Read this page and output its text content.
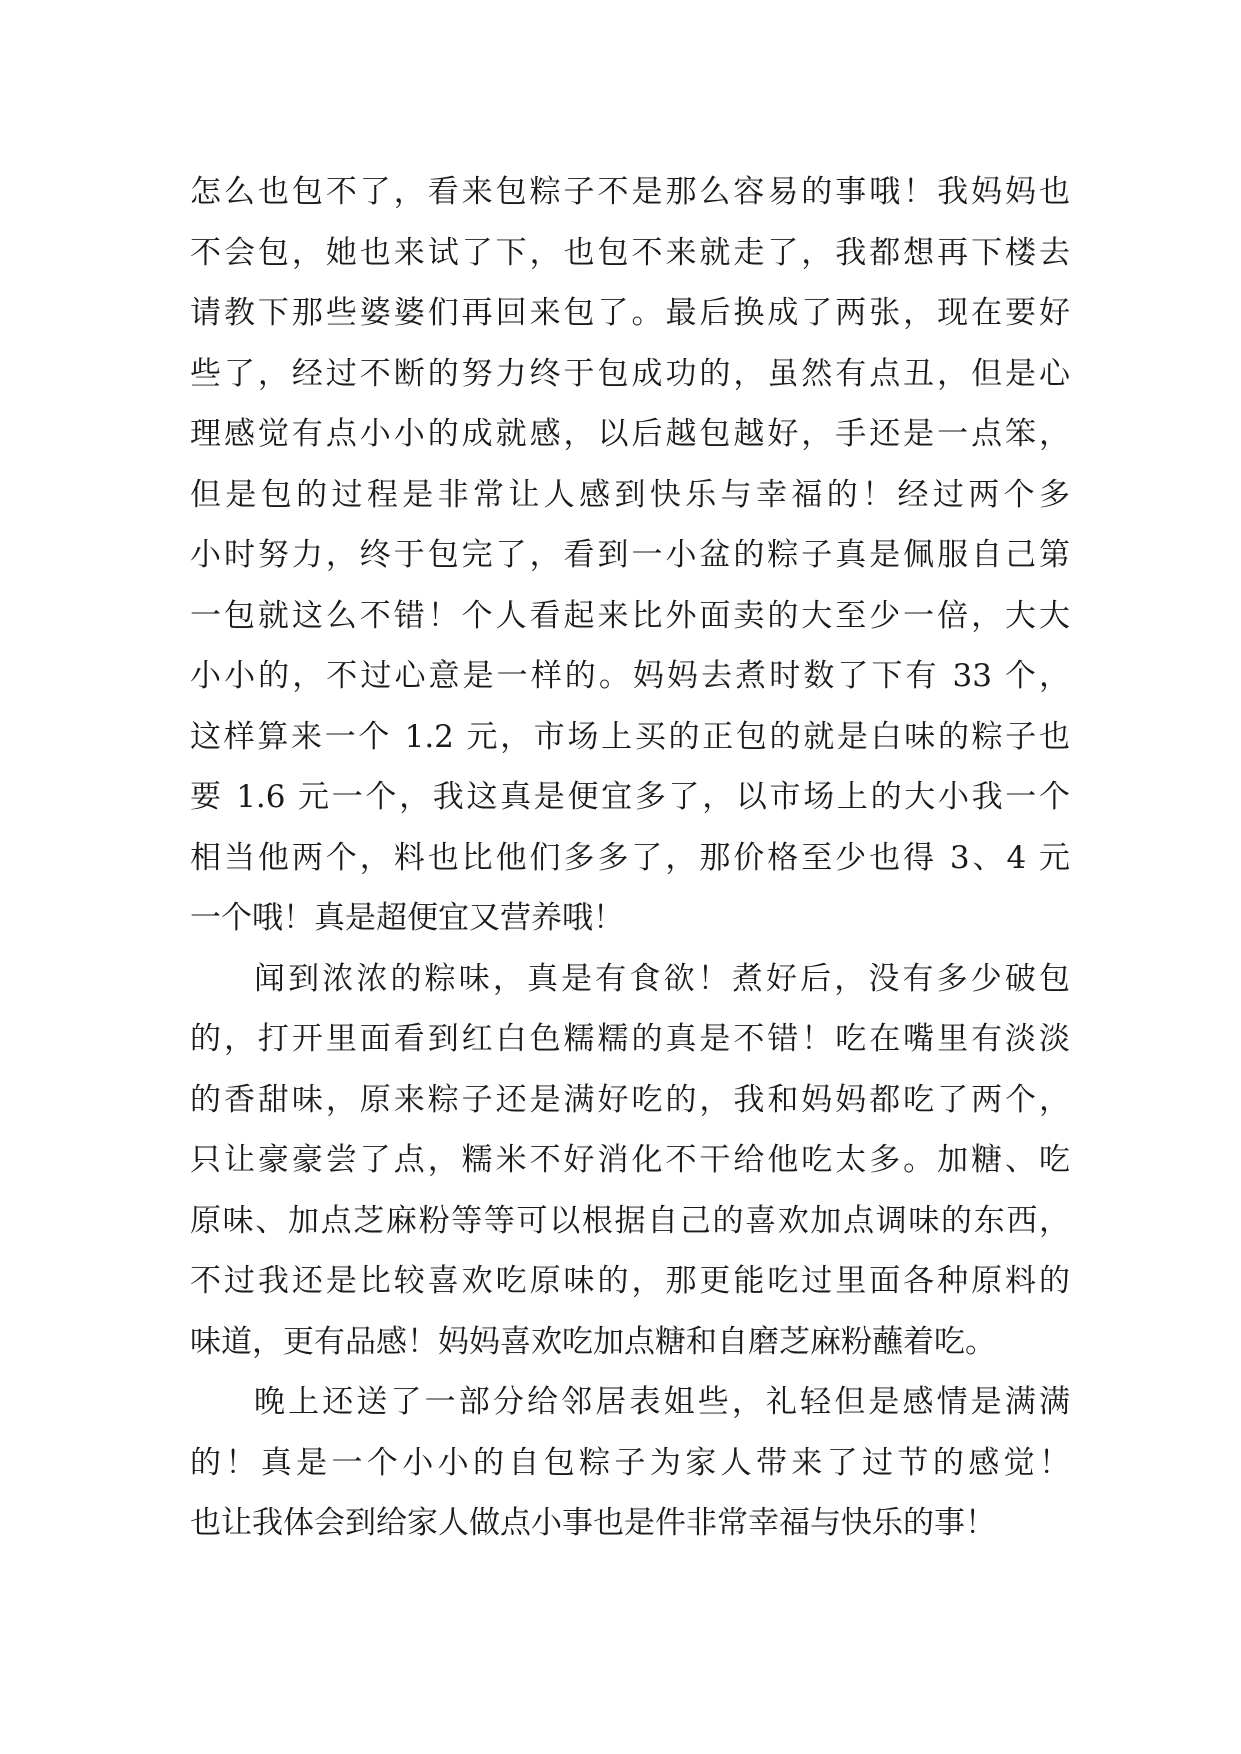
怎么也包不了，看来包粽子不是那么容易的事哦！我妈妈也
不会包，她也来试了下，也包不来就走了，我都想再下楼去
请教下那些婆婆们再回来包了。最后换成了两张，现在要好
些了，经过不断的努力终于包成功的，虽然有点丑，但是心
理感觉有点小小的成就感，以后越包越好，手还是一点笨，
但是包的过程是非常让人感到快乐与幸福的！经过两个多
小时努力，终于包完了，看到一小盆的粽子真是佩服自己第
一包就这么不错！个人看起来比外面卖的大至少一倍，大大
小小的，不过心意是一样的。妈妈去煮时数了下有 33 个，
这样算来一个 1.2 元，市场上买的正包的就是白味的粽子也
要 1.6 元一个，我这真是便宜多了，以市场上的大小我一个
相当他两个，料也比他们多多了，那价格至少也得 3、4 元
一个哦！真是超便宜又营养哦！
闻到浓浓的粽味，真是有食欲！煮好后，没有多少破包
的，打开里面看到红白色糯糯的真是不错！吃在嘴里有淡淡
的香甜味，原来粽子还是满好吃的，我和妈妈都吃了两个，
只让豪豪尝了点，糯米不好消化不干给他吃太多。加糖、吃
原味、加点芝麻粉等等可以根据自己的喜欢加点调味的东西，
不过我还是比较喜欢吃原味的，那更能吃过里面各种原料的
味道，更有品感！妈妈喜欢吃加点糖和自磨芝麻粉蘸着吃。
晚上还送了一部分给邻居表姐些，礼轻但是感情是满满
的！真是一个小小的自包粽子为家人带来了过节的感觉！
也让我体会到给家人做点小事也是件非常幸福与快乐的事！
